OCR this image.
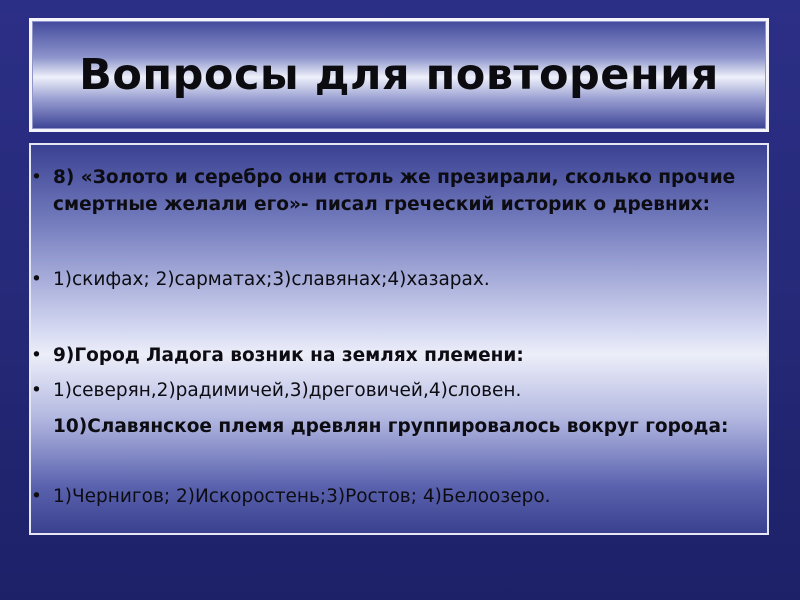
Вопросы для повторения
• 8) «Золото и серебро они столь же презирали, сколько прочие смертные желали его»- писал греческий историк о древних:
• 1)скифах; 2)сарматах;3)славянах;4)хазарах.
• 9)Город Ладога возник на землях племени:
• 1)северян,2)радимичей,3)дреговичей,4)словен.
10)Славянское племя древлян группировалось вокруг города:
• 1)Чернигов; 2)Искоростень;3)Ростов; 4)Белоозеро.
